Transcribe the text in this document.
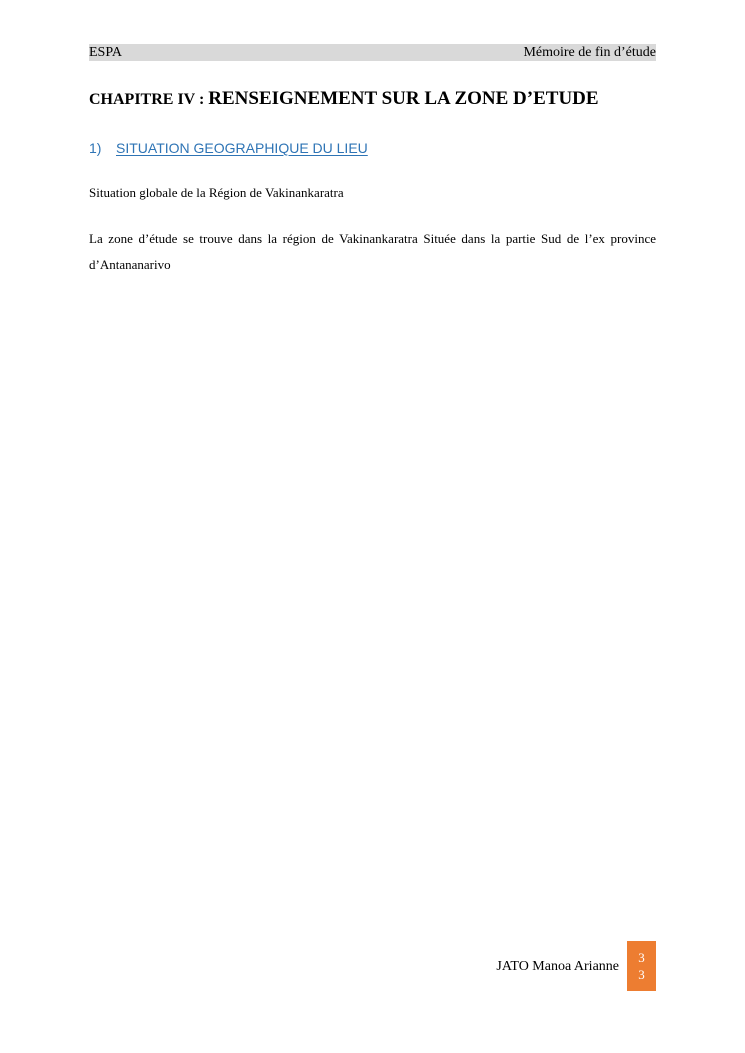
ESPA	Mémoire de fin d’étude
CHAPITRE IV : RENSEIGNEMENT SUR LA ZONE D’ETUDE
1) SITUATION GEOGRAPHIQUE DU LIEU

Situation globale de la Région de Vakinankaratra

La zone d’étude se trouve dans la région de Vakinankaratra Située dans la partie Sud de l’ex province d’Antananarivo

JATO Manoa Arianne
3
3
